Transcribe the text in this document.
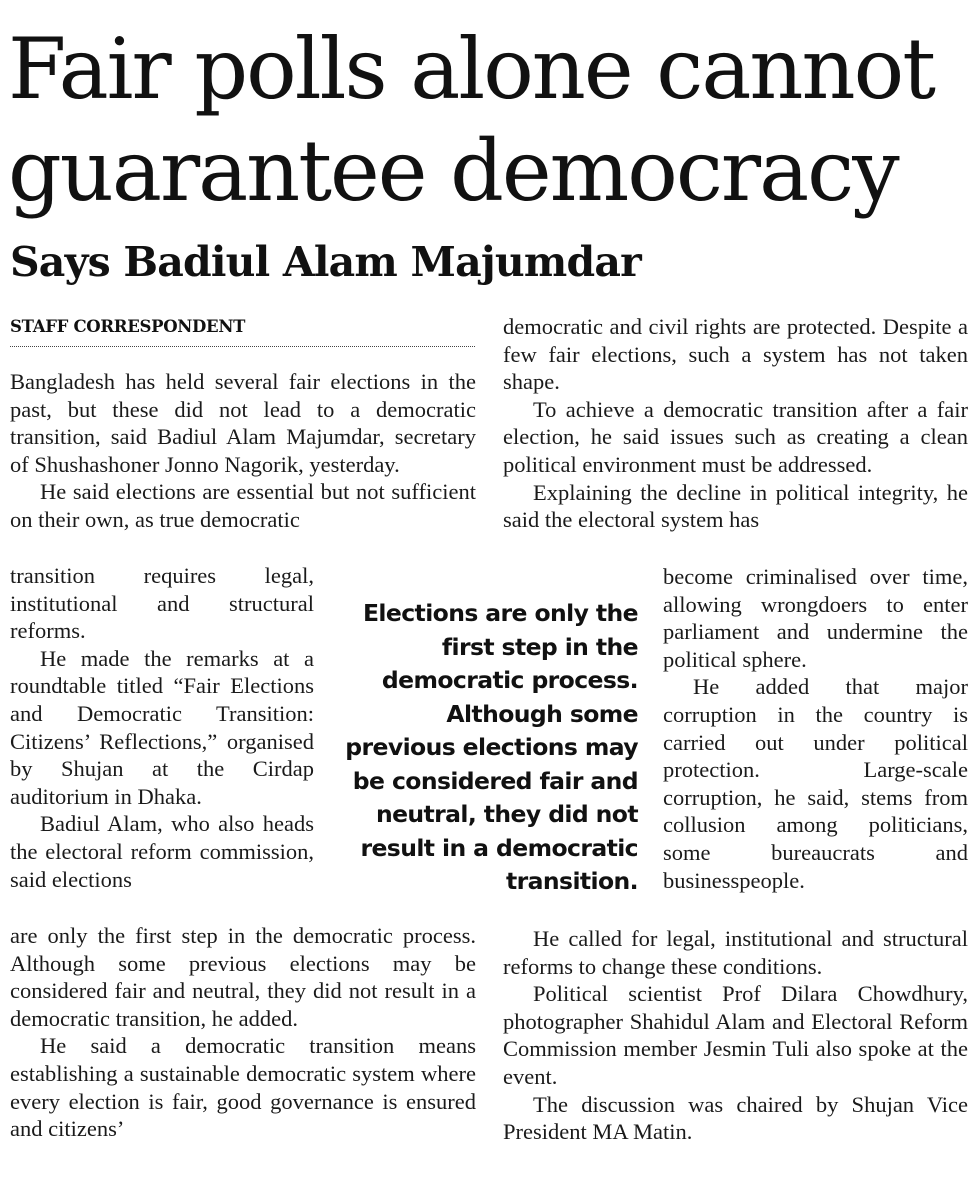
Fair polls alone cannot guarantee democracy
Says Badiul Alam Majumdar
STAFF CORRESPONDENT

Bangladesh has held several fair elections in the past, but these did not lead to a democratic transition, said Badiul Alam Majumdar, secretary of Shushashoner Jonno Nagorik, yesterday.

He said elections are essential but not sufficient on their own, as true democratic

transition requires legal, institutional and structural reforms.

He made the remarks at a roundtable titled “Fair Elections and Democratic Transition: Citizens’ Reflections,” organised by Shujan at the Cirdap auditorium in Dhaka.

Badiul Alam, who also heads the electoral reform commission, said elections

are only the first step in the democratic process. Although some previous elections may be considered fair and neutral, they did not result in a democratic transition, he added.

He said a democratic transition means establishing a sustainable democratic system where every election is fair, good governance is ensured and citizens’

Elections are only the first step in the democratic process. Although some previous elections may be considered fair and neutral, they did not result in a democratic transition.

democratic and civil rights are protected. Despite a few fair elections, such a system has not taken shape.

To achieve a democratic transition after a fair election, he said issues such as creating a clean political environment must be addressed.

Explaining the decline in political integrity, he said the electoral system has

become criminalised over time, allowing wrongdoers to enter parliament and undermine the political sphere.

He added that major corruption in the country is carried out under political protection. Large-scale corruption, he said, stems from collusion among politicians, some bureaucrats and businesspeople.

He called for legal, institutional and structural reforms to change these conditions.

Political scientist Prof Dilara Chowdhury, photographer Shahidul Alam and Electoral Reform Commission member Jesmin Tuli also spoke at the event.

The discussion was chaired by Shujan Vice President MA Matin.
